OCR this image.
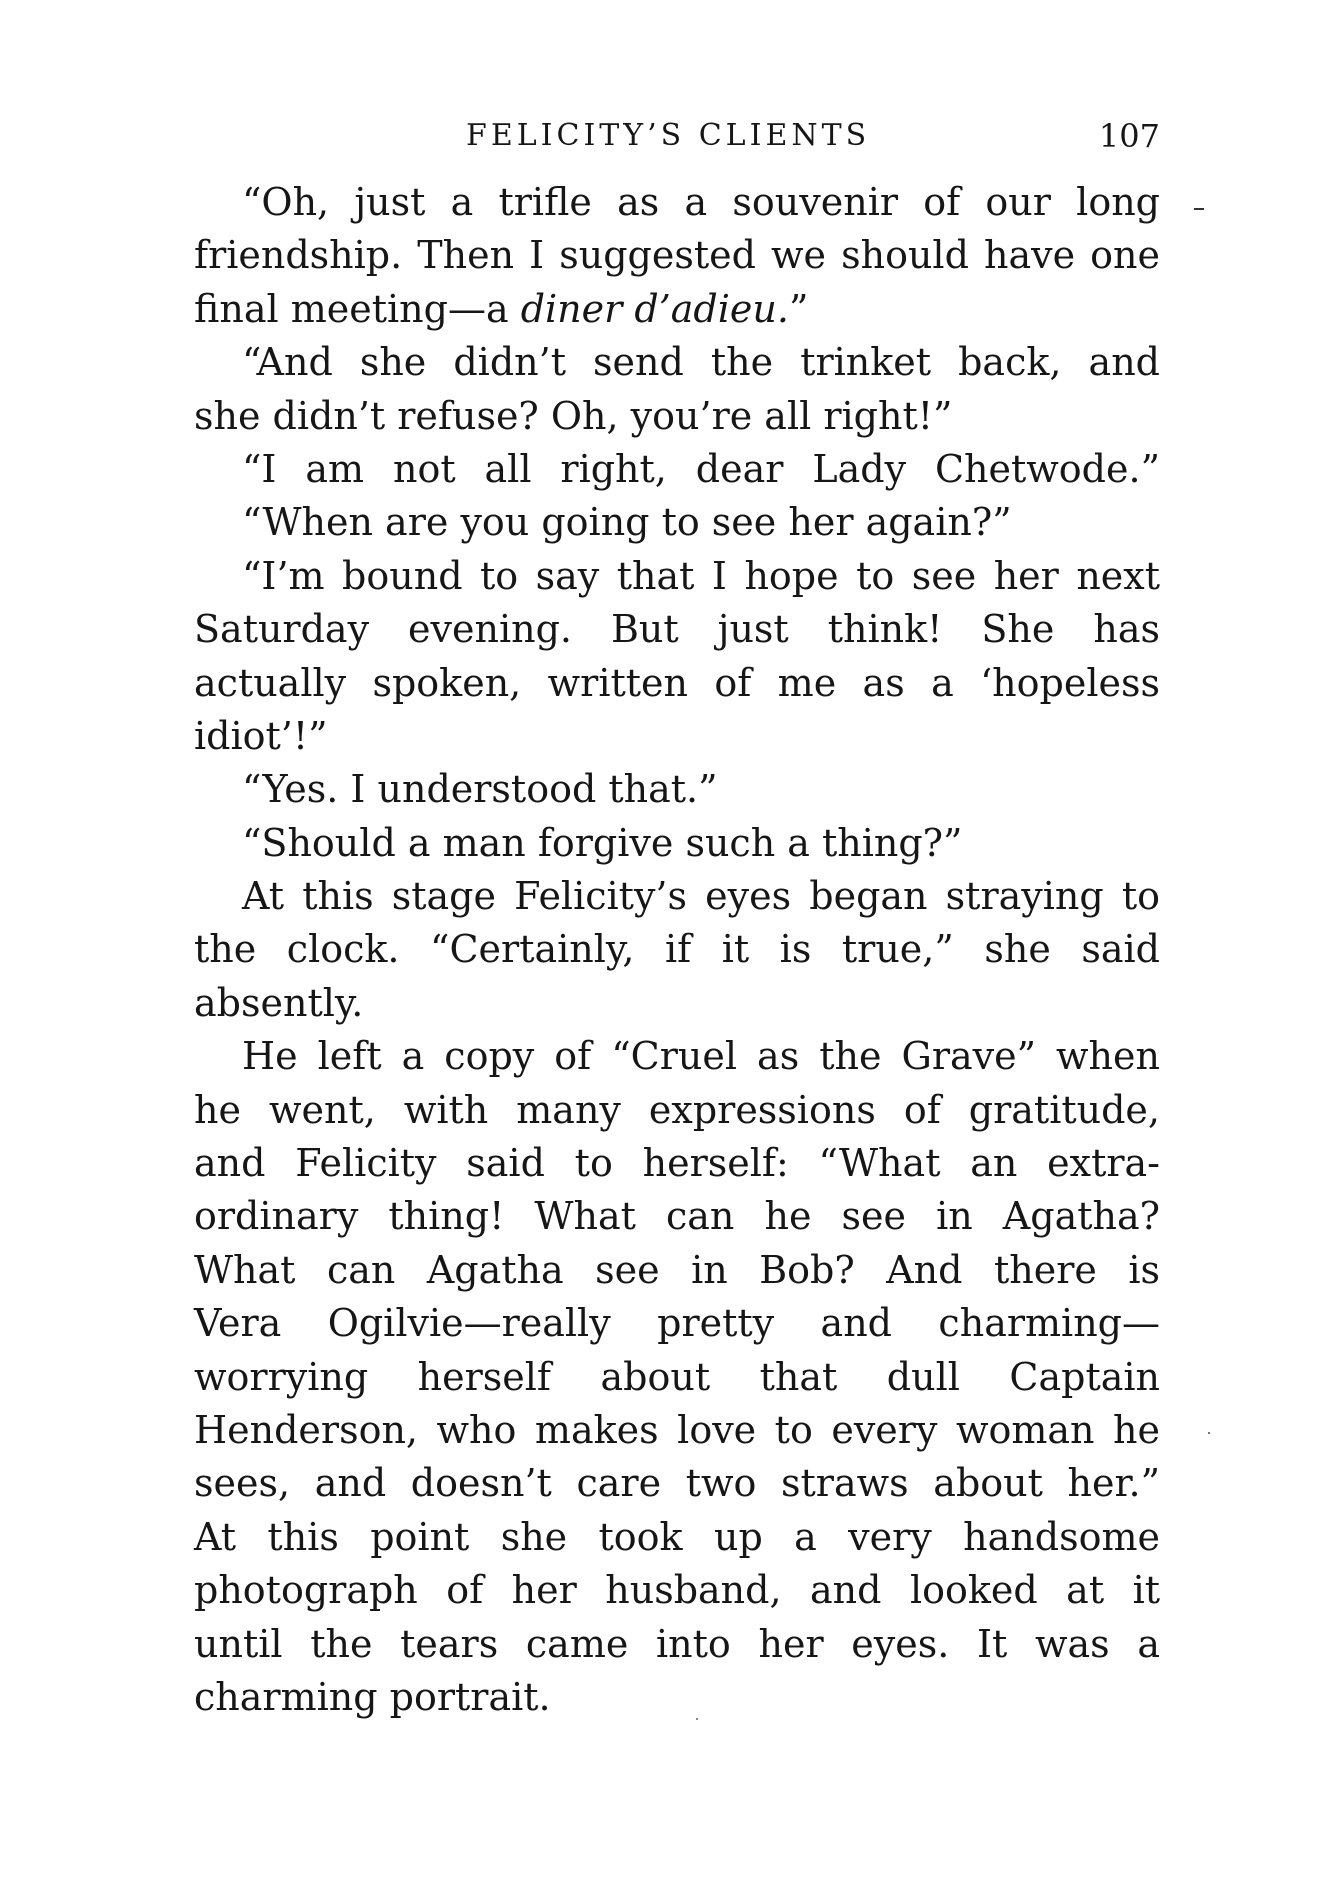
FELICITY’S CLIENTS	107
“Oh, just a trifle as a souvenir of our long
friendship. Then I suggested we should have one
final meeting—a diner d’adieu.”
“And she didn’t send the trinket back, and
she didn’t refuse? Oh, you’re all right!”
“I am not all right, dear Lady Chetwode.”
“When are you going to see her again?”
“I’m bound to say that I hope to see her next
Saturday evening. But just think! She has
actually spoken, written of me as a ‘hopeless
idiot’!”
“Yes. I understood that.”
“Should a man forgive such a thing?”
At this stage Felicity’s eyes began straying to
the clock. “Certainly, if it is true,” she said
absently.
He left a copy of “Cruel as the Grave” when
he went, with many expressions of gratitude,
and Felicity said to herself: “What an extra-
ordinary thing! What can he see in Agatha?
What can Agatha see in Bob? And there is
Vera Ogilvie—really pretty and charming—
worrying herself about that dull Captain
Henderson, who makes love to every woman he
sees, and doesn’t care two straws about her.”
At this point she took up a very handsome
photograph of her husband, and looked at it
until the tears came into her eyes. It was a
charming portrait.
